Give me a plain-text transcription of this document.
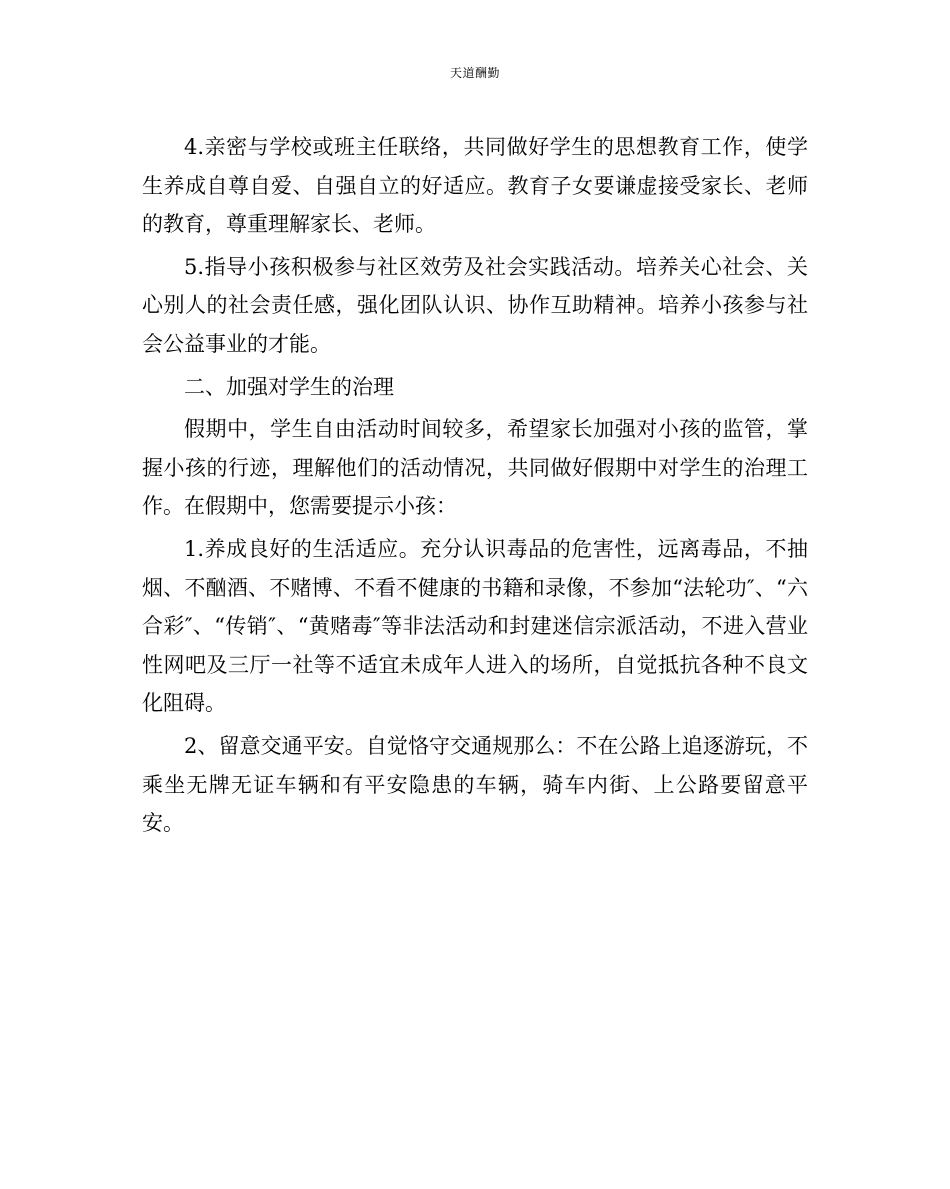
天道酬勤

4.亲密与学校或班主任联络，共同做好学生的思想教育工作，使学生养成自尊自爱、自强自立的好适应。教育子女要谦虚接受家长、老师的教育，尊重理解家长、老师。

5.指导小孩积极参与社区效劳及社会实践活动。培养关心社会、关心别人的社会责任感，强化团队认识、协作互助精神。培养小孩参与社会公益事业的才能。

二、加强对学生的治理

假期中，学生自由活动时间较多，希望家长加强对小孩的监管，掌握小孩的行迹，理解他们的活动情况，共同做好假期中对学生的治理工作。在假期中，您需要提示小孩：

1.养成良好的生活适应。充分认识毒品的危害性，远离毒品，不抽烟、不酗酒、不赌博、不看不健康的书籍和录像，不参加“法轮功″、“六合彩″、“传销″、“黄赌毒″等非法活动和封建迷信宗派活动，不进入营业性网吧及三厅一社等不适宜未成年人进入的场所，自觉抵抗各种不良文化阻碍。

2、留意交通平安。自觉恪守交通规那么：不在公路上追逐游玩，不乘坐无牌无证车辆和有平安隐患的车辆，骑车内街、上公路要留意平安。
